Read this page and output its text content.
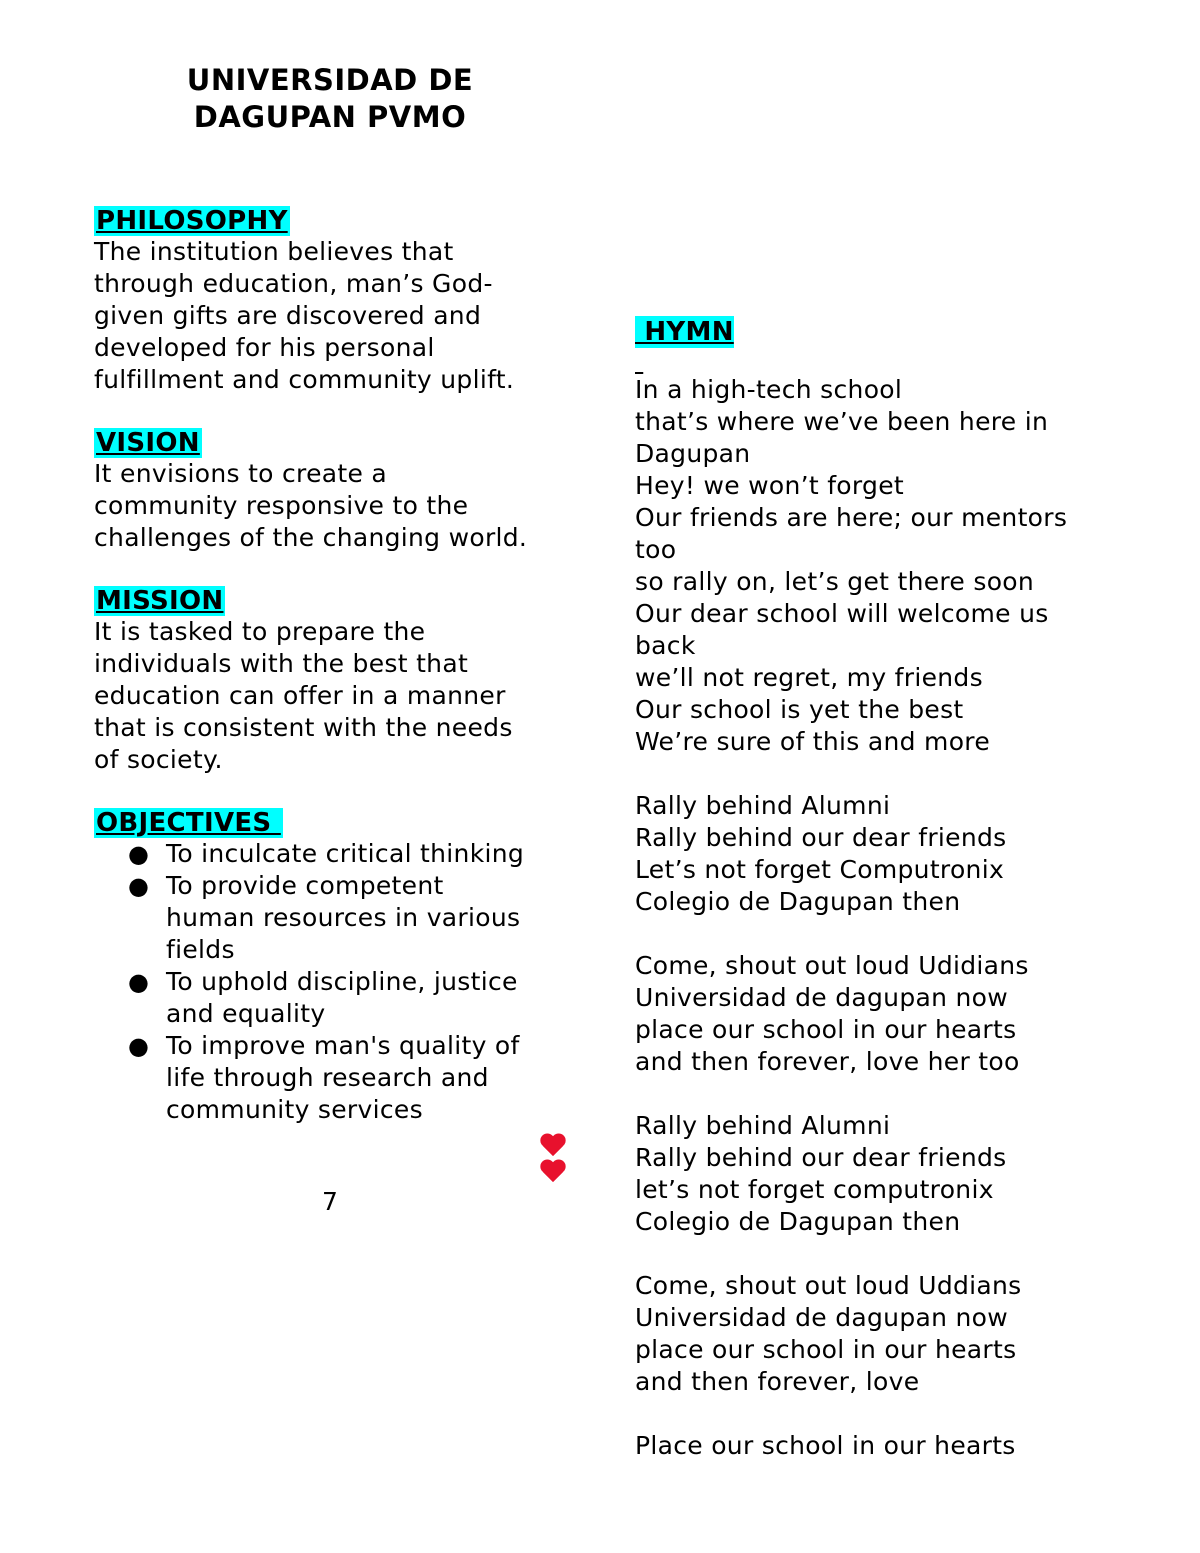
UNIVERSIDAD DE
DAGUPAN PVMO
PHILOSOPHY
The institution believes that
through education, man’s God-
given gifts are discovered and
developed for his personal
fulfillment and community uplift.
VISION
It envisions to create a
community responsive to the
challenges of the changing world.
MISSION
It is tasked to prepare the
individuals with the best that
education can offer in a manner
that is consistent with the needs
of society.
OBJECTIVES
● To inculcate critical thinking
● To provide competent
human resources in various
fields
● To uphold discipline, justice
and equality
● To improve man's quality of
life through research and
community services
7
HYMN

In a high-tech school
that’s where we’ve been here in
Dagupan
Hey! we won’t forget
Our friends are here; our mentors
too
so rally on, let’s get there soon
Our dear school will welcome us
back
we’ll not regret, my friends
Our school is yet the best
We’re sure of this and more
Rally behind Alumni
Rally behind our dear friends
Let’s not forget Computronix
Colegio de Dagupan then
Come, shout out loud Udidians
Universidad de dagupan now
place our school in our hearts
and then forever, love her too
Rally behind Alumni
Rally behind our dear friends
let’s not forget computronix
Colegio de Dagupan then
Come, shout out loud Uddians
Universidad de dagupan now
place our school in our hearts
and then forever, love
Place our school in our hearts
